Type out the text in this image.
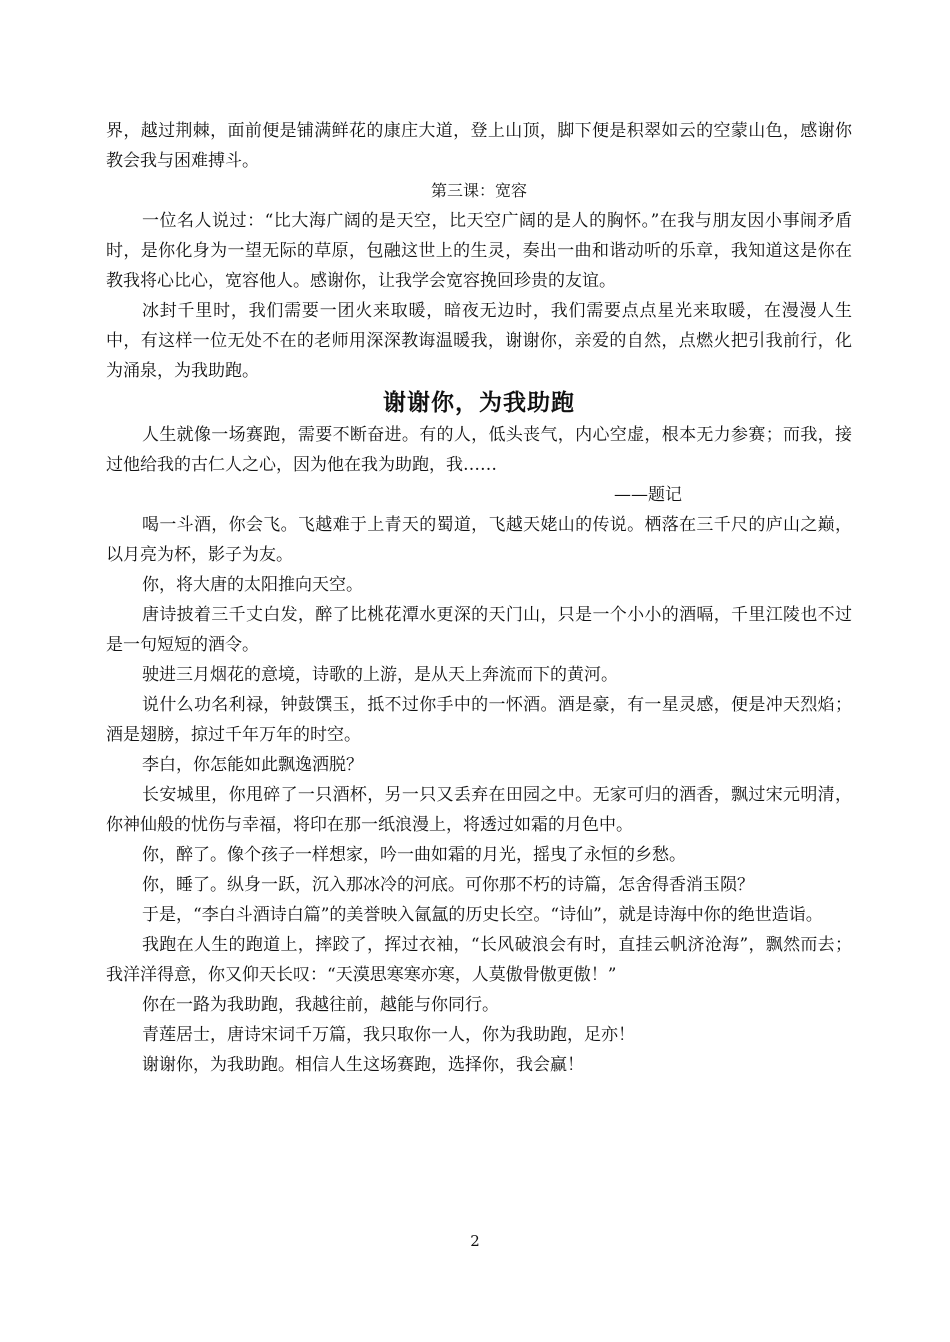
界，越过荆棘，面前便是铺满鲜花的康庄大道，登上山顶，脚下便是积翠如云的空蒙山色，感谢你教会我与困难搏斗。

第三课：宽容

一位名人说过：“比大海广阔的是天空，比天空广阔的是人的胸怀。”在我与朋友因小事闹矛盾时，是你化身为一望无际的草原，包融这世上的生灵，奏出一曲和谐动听的乐章，我知道这是你在教我将心比心，宽容他人。感谢你，让我学会宽容挽回珍贵的友谊。

冰封千里时，我们需要一团火来取暖，暗夜无边时，我们需要点点星光来取暖，在漫漫人生中，有这样一位无处不在的老师用深深教诲温暖我，谢谢你，亲爱的自然，点燃火把引我前行，化为涌泉，为我助跑。

谢谢你，为我助跑

人生就像一场赛跑，需要不断奋进。有的人，低头丧气，内心空虚，根本无力参赛；而我，接过他给我的古仁人之心，因为他在我为助跑，我……

——题记

喝一斗酒，你会飞。飞越难于上青天的蜀道，飞越天姥山的传说。栖落在三千尺的庐山之巅，以月亮为杯，影子为友。

你，将大唐的太阳推向天空。

唐诗披着三千丈白发，醉了比桃花潭水更深的天门山，只是一个小小的酒嗝，千里江陵也不过是一句短短的酒令。

驶进三月烟花的意境，诗歌的上游，是从天上奔流而下的黄河。

说什么功名利禄，钟鼓馔玉，抵不过你手中的一怀酒。酒是豪，有一星灵感，便是冲天烈焰；酒是翅膀，掠过千年万年的时空。

李白，你怎能如此飘逸洒脱？

长安城里，你甩碎了一只酒杯，另一只又丢弃在田园之中。无家可归的酒香，飘过宋元明清，你神仙般的忧伤与幸福，将印在那一纸浪漫上，将透过如霜的月色中。

你，醉了。像个孩子一样想家，吟一曲如霜的月光，摇曳了永恒的乡愁。

你，睡了。纵身一跃，沉入那冰冷的河底。可你那不朽的诗篇，怎舍得香消玉陨？

于是，“李白斗酒诗白篇”的美誉映入氤氲的历史长空。“诗仙”，就是诗海中你的绝世造诣。

我跑在人生的跑道上，摔跤了，挥过衣袖，“长风破浪会有时，直挂云帆济沧海”，飘然而去；我洋洋得意，你又仰天长叹：“天漠思寒寒亦寒，人莫傲骨傲更傲！”

你在一路为我助跑，我越往前，越能与你同行。

青莲居士，唐诗宋词千万篇，我只取你一人，你为我助跑，足亦！

谢谢你，为我助跑。相信人生这场赛跑，选择你，我会赢！

2
